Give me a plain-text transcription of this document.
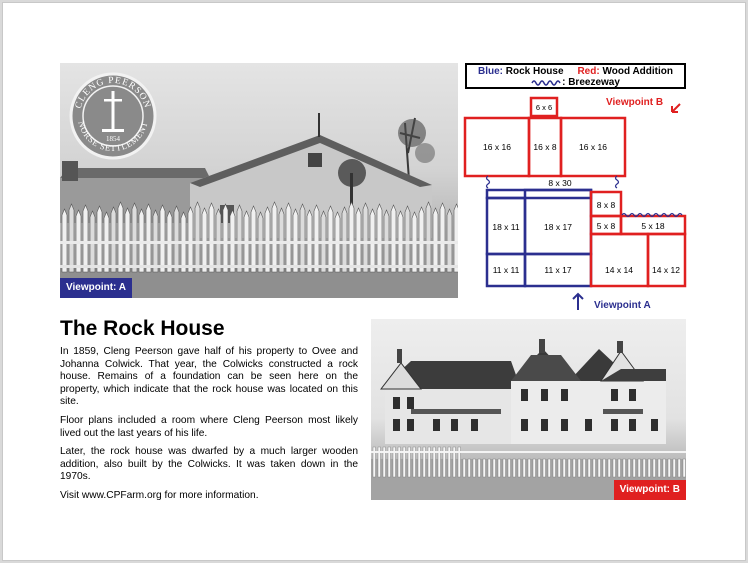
CLENG PEERSON
NORSE SETTLEMENT
1854
Viewpoint: A
Blue: Rock House Red: Wood Addition
: Breezeway
6 x 6
16 x 16	16 x 8	16 x 16
8 x 30
18 x 11	18 x 17
8 x 8
5 x 8	5 x 18
11 x 11	11 x 17	14 x 14 14 x 12
Viewpoint B
Viewpoint A
The Rock House

In 1859, Cleng Peerson gave half of his property to Ovee and Johanna Colwick. That year, the Colwicks constructed a rock house. Remains of a foundation can be seen here on the property, which indicate that the rock house was located on this site.

Floor plans included a room where Cleng Peerson most likely lived out the last years of his life.

Later, the rock house was dwarfed by a much larger wooden addition, also built by the Colwicks. It was taken down in the 1970s.

Visit www.CPFarm.org for more information.

Viewpoint: B
